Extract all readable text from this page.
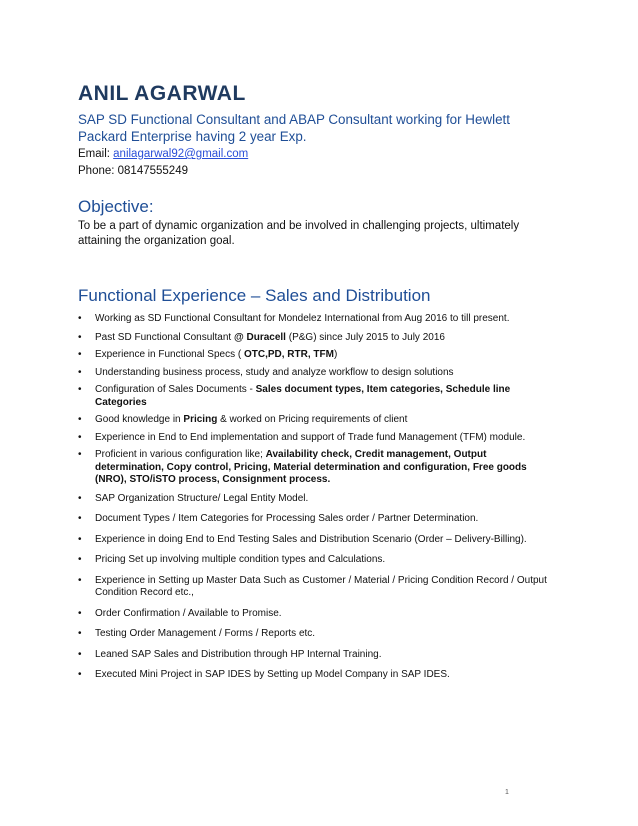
ANIL AGARWAL
SAP SD Functional Consultant and ABAP Consultant working for Hewlett Packard Enterprise having 2 year Exp.
Email: anilagarwal92@gmail.com
Phone: 08147555249
Objective:
To be a part of dynamic organization and be involved in challenging projects, ultimately attaining the organization goal.
Functional Experience – Sales and Distribution
• Working as SD Functional Consultant for Mondelez International from Aug 2016 to till present.
• Past SD Functional Consultant @ Duracell (P&G) since July 2015 to July 2016
• Experience in Functional Specs ( OTC,PD, RTR, TFM)
• Understanding business process, study and analyze workflow to design solutions
• Configuration of Sales Documents - Sales document types, Item categories, Schedule line Categories
• Good knowledge in Pricing & worked on Pricing requirements of client
• Experience in End to End implementation and support of Trade fund Management (TFM) module.
• Proficient in various configuration like; Availability check, Credit management, Output determination, Copy control, Pricing, Material determination and configuration, Free goods (NRO), STO/iSTO process, Consignment process.
• SAP Organization Structure/ Legal Entity Model.
• Document Types / Item Categories for Processing Sales order / Partner Determination.
• Experience in doing End to End Testing Sales and Distribution Scenario (Order – Delivery-Billing).
• Pricing Set up involving multiple condition types and Calculations.
• Experience in Setting up Master Data Such as Customer / Material / Pricing Condition Record / Output Condition Record etc.,
• Order Confirmation / Available to Promise.
• Testing Order Management / Forms / Reports etc.
• Leaned SAP Sales and Distribution through HP Internal Training.
• Executed Mini Project in SAP IDES by Setting up Model Company in SAP IDES.
1
